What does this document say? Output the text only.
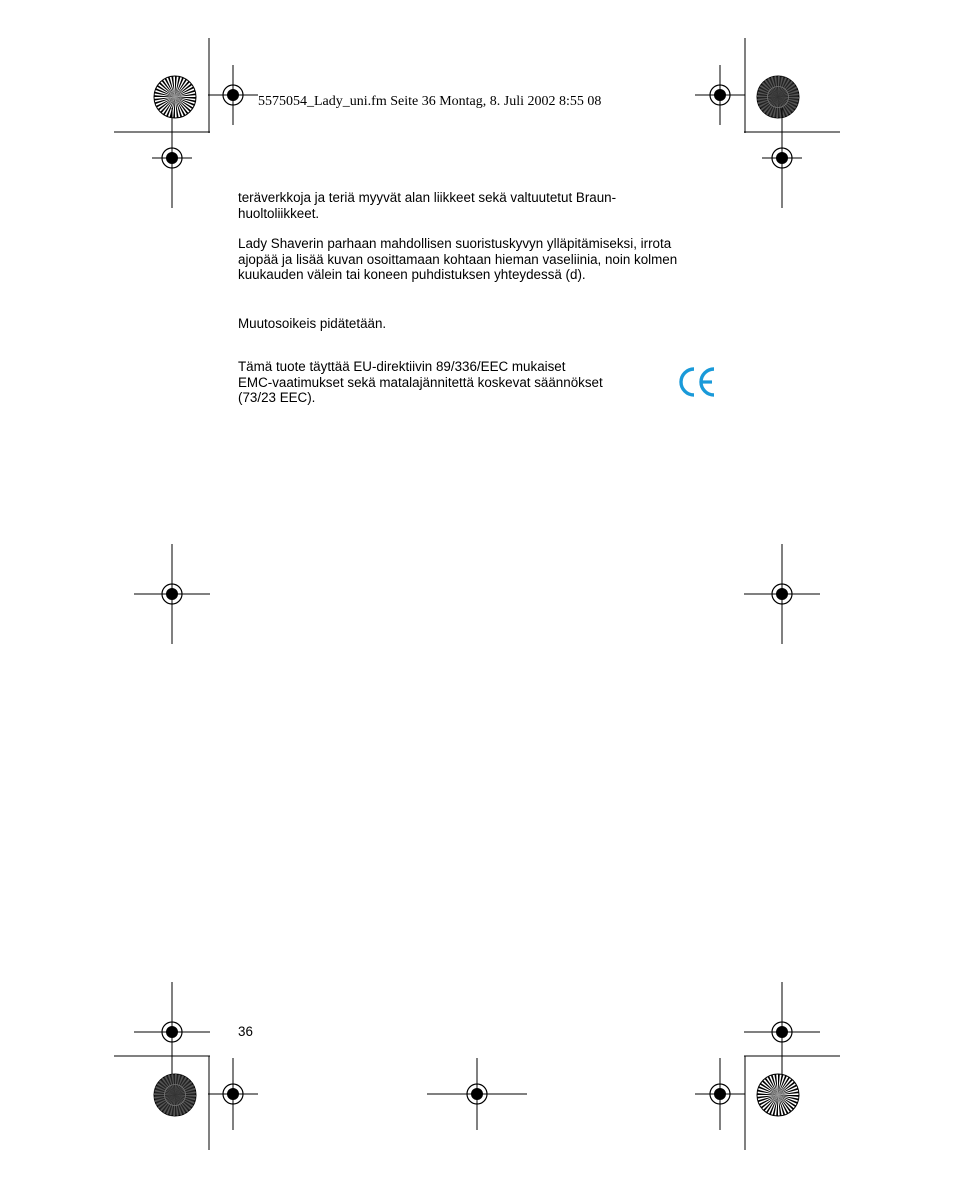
5575054_Lady_uni.fm Seite 36 Montag, 8. Juli 2002 8:55 08
teräverkkoja ja teriä myyvät alan liikkeet sekä valtuutetut Braun-
huoltoliikkeet.
Lady Shaverin parhaan mahdollisen suoristuskyvyn ylläpitämiseksi, irrota
ajopää ja lisää kuvan osoittamaan kohtaan hieman vaseliinia, noin kolmen
kuukauden välein tai koneen puhdistuksen yhteydessä (d).
Muutosoikeis pidätetään.
Tämä tuote täyttää EU-direktiivin 89/336/EEC mukaiset
EMC-vaatimukset sekä matalajännitettä koskevat säännökset
(73/23 EEC).
36
